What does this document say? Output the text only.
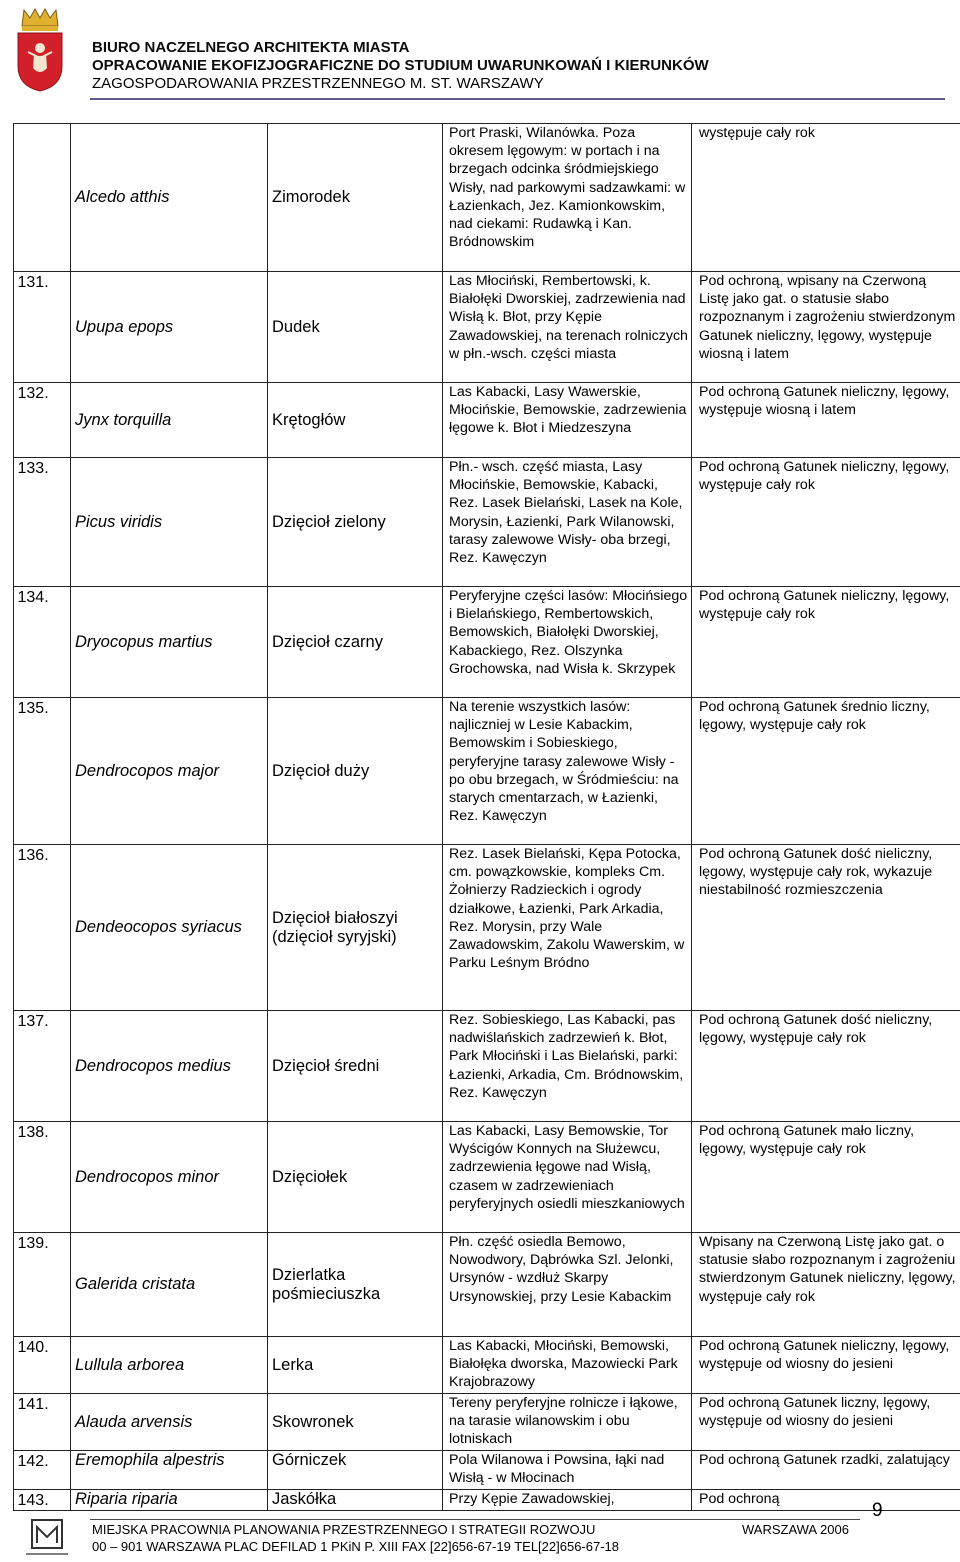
BIURO NACZELNEGO ARCHITEKTA MIASTA
OPRACOWANIE EKOFIZJOGRAFICZNE DO STUDIUM UWARUNKOWAŃ I KIERUNKÓW
ZAGOSPODAROWANIA PRZESTRZENNEGO M. ST. WARSZAWY

	Alcedo atthis	Zimorodek	Port Praski, Wilanówka. Poza okresem lęgowym: w portach i na brzegach odcinka śródmiejskiego Wisły, nad parkowymi sadzawkami: w Łazienkach, Jez. Kamionkowskim, nad ciekami: Rudawką i Kan. Bródnowskim	występuje cały rok

131.	Upupa epops	Dudek	Las Młociński, Rembertowski, k. Białołęki Dworskiej, zadrzewienia nad Wisłą k. Błot, przy Kępie Zawadowskiej, na terenach rolniczych w płn.-wsch. części miasta	Pod ochroną, wpisany na Czerwoną Listę jako gat. o statusie słabo rozpoznanym i zagrożeniu stwierdzonym Gatunek nieliczny, lęgowy, występuje wiosną i latem

132.	Jynx torquilla	Krętogłów	Las Kabacki, Lasy Wawerskie, Młocińskie, Bemowskie, zadrzewienia łęgowe k. Błot i Miedzeszyna	Pod ochroną Gatunek nieliczny, lęgowy, występuje wiosną i latem

133.	Picus viridis	Dzięcioł zielony	Płn.- wsch. część miasta, Lasy Młocińskie, Bemowskie, Kabacki, Rez. Lasek Bielański, Lasek na Kole, Morysin, Łazienki, Park Wilanowski, tarasy zalewowe Wisły- oba brzegi, Rez. Kawęczyn	Pod ochroną Gatunek nieliczny, lęgowy, występuje cały rok

134.	Dryocopus martius	Dzięcioł czarny	Peryferyjne części lasów: Młocińsiego i Bielańskiego, Rembertowskich, Bemowskich, Białołęki Dworskiej, Kabackiego, Rez. Olszynka Grochowska, nad Wisła k. Skrzypek	Pod ochroną Gatunek nieliczny, lęgowy, występuje cały rok

135.	Dendrocopos major	Dzięcioł duży	Na terenie wszystkich lasów: najliczniej w Lesie Kabackim, Bemowskim i Sobieskiego, peryferyjne tarasy zalewowe Wisły - po obu brzegach, w Śródmieściu: na starych cmentarzach, w Łazienki, Rez. Kawęczyn	Pod ochroną Gatunek średnio liczny, lęgowy, występuje cały rok

136.	Dendeocopos syriacus	Dzięcioł białoszyi (dzięcioł syryjski)	Rez. Lasek Bielański, Kępa Potocka, cm. powązkowskie, kompleks Cm. Żołnierzy Radzieckich i ogrody działkowe, Łazienki, Park Arkadia, Rez. Morysin, przy Wale Zawadowskim, Zakolu Wawerskim, w Parku Leśnym Bródno	Pod ochroną Gatunek dość nieliczny, lęgowy, występuje cały rok, wykazuje niestabilność rozmieszczenia

137.	Dendrocopos medius	Dzięcioł średni	Rez. Sobieskiego, Las Kabacki, pas nadwiślańskich zadrzewień k. Błot, Park Młociński i Las Bielański, parki: Łazienki, Arkadia, Cm. Bródnowskim, Rez. Kawęczyn	Pod ochroną Gatunek dość nieliczny, lęgowy, występuje cały rok

138.	Dendrocopos minor	Dzięciołek	Las Kabacki, Lasy Bemowskie, Tor Wyścigów Konnych na Służewcu, zadrzewienia łęgowe nad Wisłą, czasem w zadrzewieniach peryferyjnych osiedli mieszkaniowych	Pod ochroną Gatunek mało liczny, lęgowy, występuje cały rok

139.	Galerida cristata	Dzierlatka pośmieciuszka	Płn. część osiedla Bemowo, Nowodwory, Dąbrówka Szl. Jelonki, Ursynów - wzdłuż Skarpy Ursynowskiej, przy Lesie Kabackim	Wpisany na Czerwoną Listę jako gat. o statusie słabo rozpoznanym i zagrożeniu stwierdzonym Gatunek nieliczny, lęgowy, występuje cały rok

140.	Lullula arborea	Lerka	Las Kabacki, Młociński, Bemowski, Białołęka dworska, Mazowiecki Park Krajobrazowy	Pod ochroną Gatunek nieliczny, lęgowy, występuje od wiosny do jesieni

141.	Alauda arvensis	Skowronek	Tereny peryferyjne rolnicze i łąkowe, na tarasie wilanowskim i obu lotniskach	Pod ochroną Gatunek liczny, lęgowy, występuje od wiosny do jesieni

142.	Eremophila alpestris	Górniczek	Pola Wilanowa i Powsina, łąki nad Wisłą - w Młocinach	Pod ochroną Gatunek rzadki, zalatujący

143.	Riparia riparia	Jaskółka	Przy Kępie Zawadowskiej,	Pod ochroną
9
MIEJSKA PRACOWNIA PLANOWANIA PRZESTRZENNEGO I STRATEGII ROZWOJU
00 – 901 WARSZAWA PLAC DEFILAD 1 PKiN P. XIII FAX [22]656-67-19 TEL[22]656-67-18
WARSZAWA 2006
